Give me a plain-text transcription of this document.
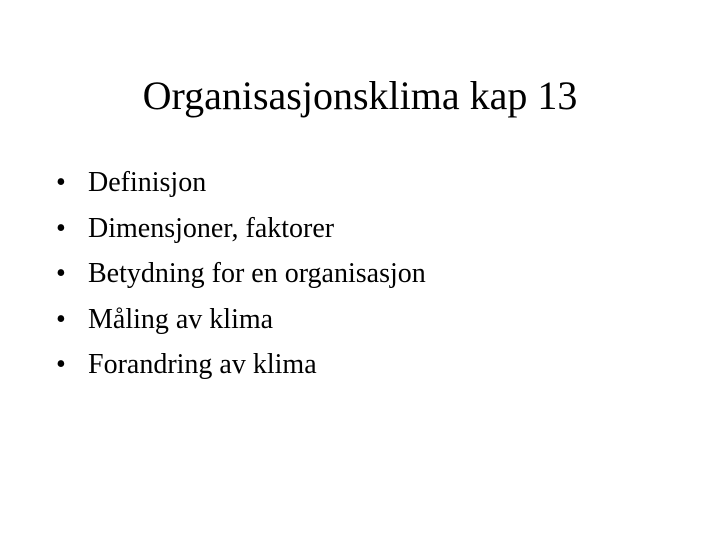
Organisasjonsklima kap 13
• Definisjon
• Dimensjoner, faktorer
• Betydning for en organisasjon
• Måling av klima
• Forandring av klima
